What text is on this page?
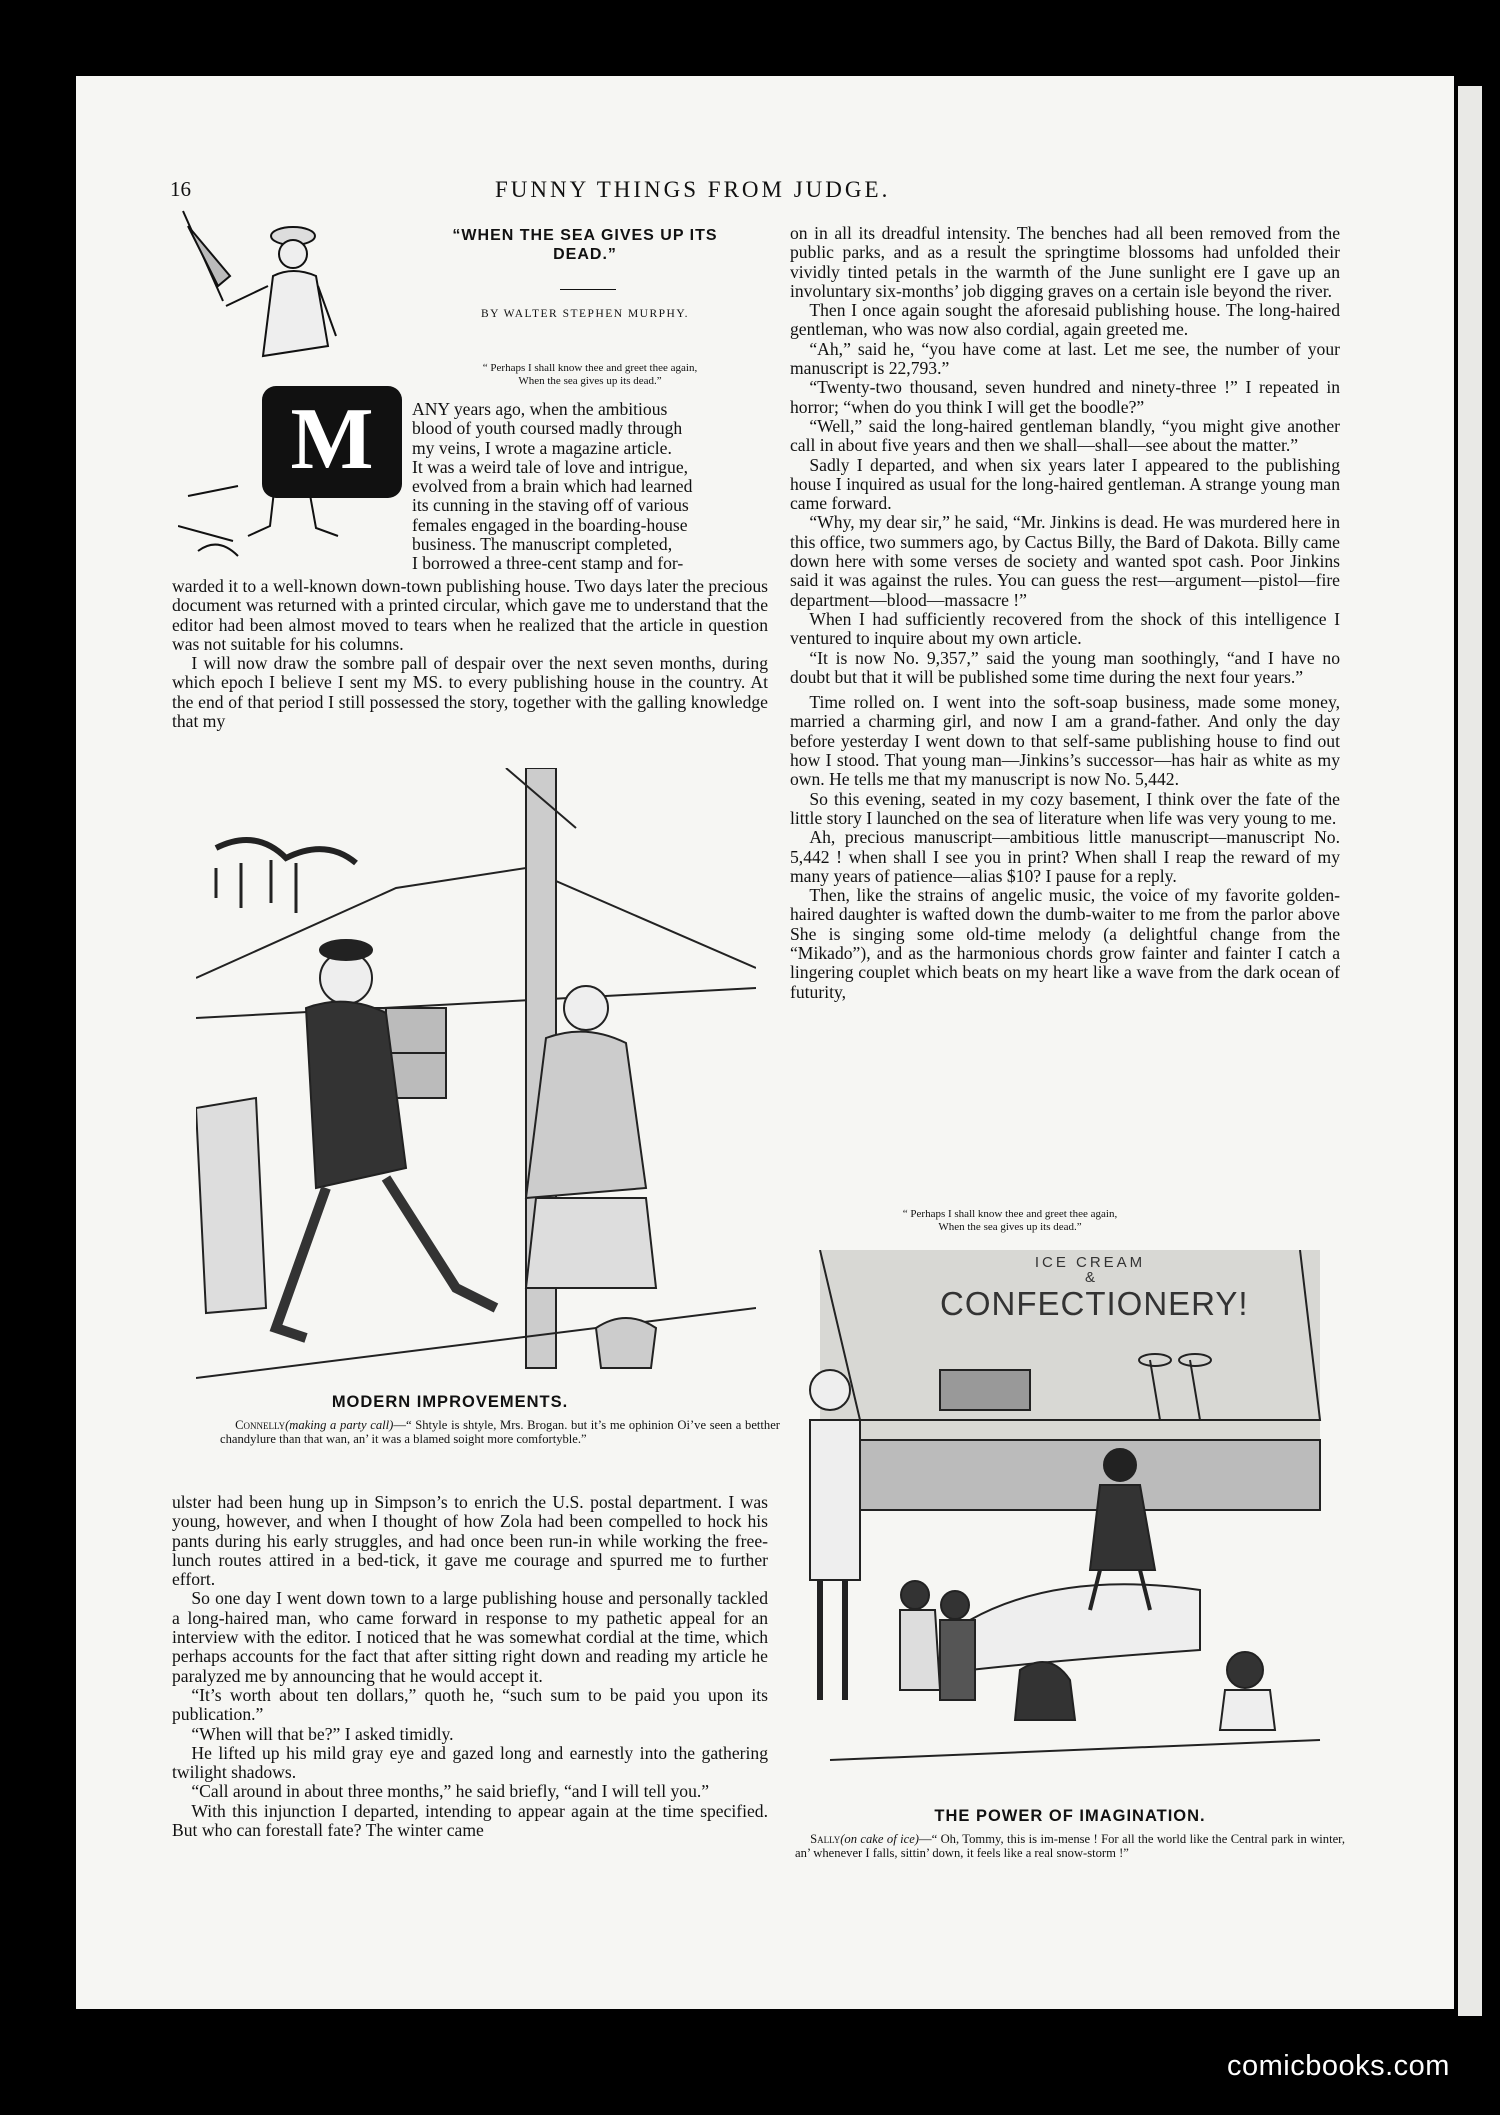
16	FUNNY THINGS FROM JUDGE.
M
“WHEN THE SEA GIVES UP ITS
DEAD.”
BY WALTER STEPHEN MURPHY.
“ Perhaps I shall know thee and greet thee again,
When the sea gives up its dead.”

ANY years ago, when the ambitious

blood of youth coursed madly through

my veins, I wrote a magazine article.

It was a weird tale of love and intrigue,

evolved from a brain which had learned

its cunning in the staving off of various

females engaged in the boarding-house

business. The manuscript completed,

I borrowed a three-cent stamp and for-

warded it to a well-known down-town publishing house. Two days later the precious document was returned with a printed circular, which gave me to understand that the editor had been almost moved to tears when he realized that the article in question was not suitable for his columns.

I will now draw the sombre pall of despair over the next seven months, during which epoch I believe I sent my MS. to every publishing house in the country. At the end of that period I still possessed the story, together with the galling knowledge that my

MODERN IMPROVEMENTS.
Connelly(making a party call)—“ Shtyle is shtyle, Mrs. Brogan. but it’s me ophinion Oi’ve seen a betther chandylure than that wan, an’ it was a blamed soight more comfortyble.”

ulster had been hung up in Simpson’s to enrich the U.S. postal department. I was young, however, and when I thought of how Zola had been compelled to hock his pants during his early struggles, and had once been run-in while working the free-lunch routes attired in a bed-tick, it gave me courage and spurred me to further effort.

So one day I went down town to a large publishing house and personally tackled a long-haired man, who came forward in response to my pathetic appeal for an interview with the editor. I noticed that he was somewhat cordial at the time, which perhaps accounts for the fact that after sitting right down and reading my article he paralyzed me by announcing that he would accept it.

“It’s worth about ten dollars,” quoth he, “such sum to be paid you upon its publication.”

“When will that be?” I asked timidly.

He lifted up his mild gray eye and gazed long and earnestly into the gathering twilight shadows.

“Call around in about three months,” he said briefly, “and I will tell you.”

With this injunction I departed, intending to appear again at the time specified. But who can forestall fate? The winter came

on in all its dreadful intensity. The benches had all been removed from the public parks, and as a result the springtime blossoms had unfolded their vividly tinted petals in the warmth of the June sunlight ere I gave up an involuntary six-months’ job digging graves on a certain isle beyond the river.

Then I once again sought the aforesaid publishing house. The long-haired gentleman, who was now also cordial, again greeted me.

“Ah,” said he, “you have come at last. Let me see, the number of your manuscript is 22,793.”

“Twenty-two thousand, seven hundred and ninety-three !” I repeated in horror; “when do you think I will get the boodle?”

“Well,” said the long-haired gentleman blandly, “you might give another call in about five years and then we shall—shall—see about the matter.”

Sadly I departed, and when six years later I appeared to the publishing house I inquired as usual for the long-haired gentleman. A strange young man came forward.

“Why, my dear sir,” he said, “Mr. Jinkins is dead. He was murdered here in this office, two summers ago, by Cactus Billy, the Bard of Dakota. Billy came down here with some verses de society and wanted spot cash. Poor Jinkins said it was against the rules. You can guess the rest—argument—pistol—fire department—blood—massacre !”

When I had sufficiently recovered from the shock of this intelligence I ventured to inquire about my own article.

“It is now No. 9,357,” said the young man soothingly, “and I have no doubt but that it will be published some time during the next four years.”

Time rolled on. I went into the soft-soap business, made some money, married a charming girl, and now I am a grand-father. And only the day before yesterday I went down to that self-same publishing house to find out how I stood. That young man—Jinkins’s successor—has hair as white as my own. He tells me that my manuscript is now No. 5,442.

So this evening, seated in my cozy basement, I think over the fate of the little story I launched on the sea of literature when life was very young to me.

Ah, precious manuscript—ambitious little manuscript—manuscript No. 5,442 ! when shall I see you in print? When shall I reap the reward of my many years of patience—alias $10? I pause for a reply.

Then, like the strains of angelic music, the voice of my favorite golden-haired daughter is wafted down the dumb-waiter to me from the parlor above She is singing some old-time melody (a delightful change from the “Mikado”), and as the harmonious chords grow fainter and fainter I catch a lingering couplet which beats on my heart like a wave from the dark ocean of futurity,

“ Perhaps I shall know thee and greet thee again,
When the sea gives up its dead.”
ICE CREAM
&
CONFECTIONERY!
THE POWER OF IMAGINATION.
Sally(on cake of ice)—“ Oh, Tommy, this is im-mense ! For all the world like the Central park in winter, an’ whenever I falls, sittin’ down, it feels like a real snow-storm !”
comicbooks.com
